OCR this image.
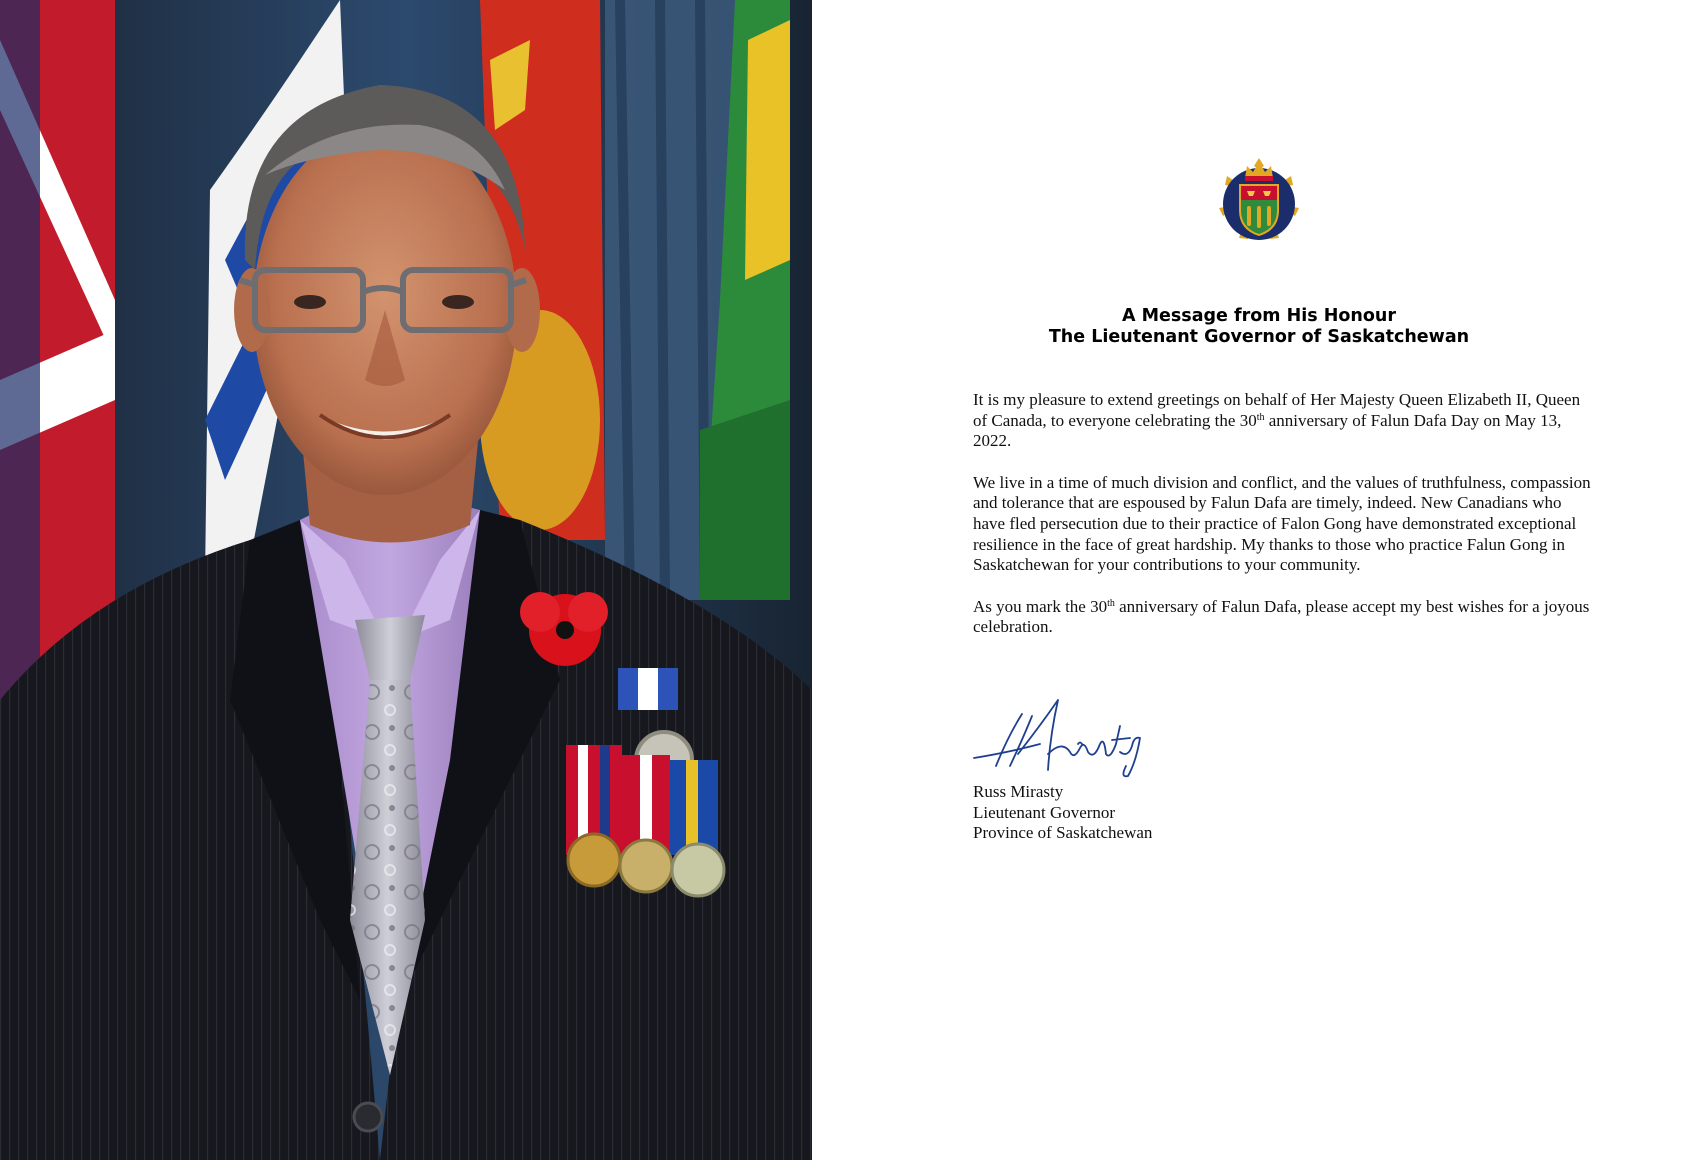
A Message from His Honour
The Lieutenant Governor of Saskatchewan

It is my pleasure to extend greetings on behalf of Her Majesty Queen Elizabeth II, Queen of Canada, to everyone celebrating the 30th anniversary of Falun Dafa Day on May 13, 2022.

We live in a time of much division and conflict, and the values of truthfulness, compassion and tolerance that are espoused by Falun Dafa are timely, indeed. New Canadians who have fled persecution due to their practice of Falon Gong have demonstrated exceptional resilience in the face of great hardship. My thanks to those who practice Falun Gong in Saskatchewan for your contributions to your community.

As you mark the 30th anniversary of Falun Dafa, please accept my best wishes for a joyous celebration.

Russ Mirasty
Lieutenant Governor
Province of Saskatchewan
